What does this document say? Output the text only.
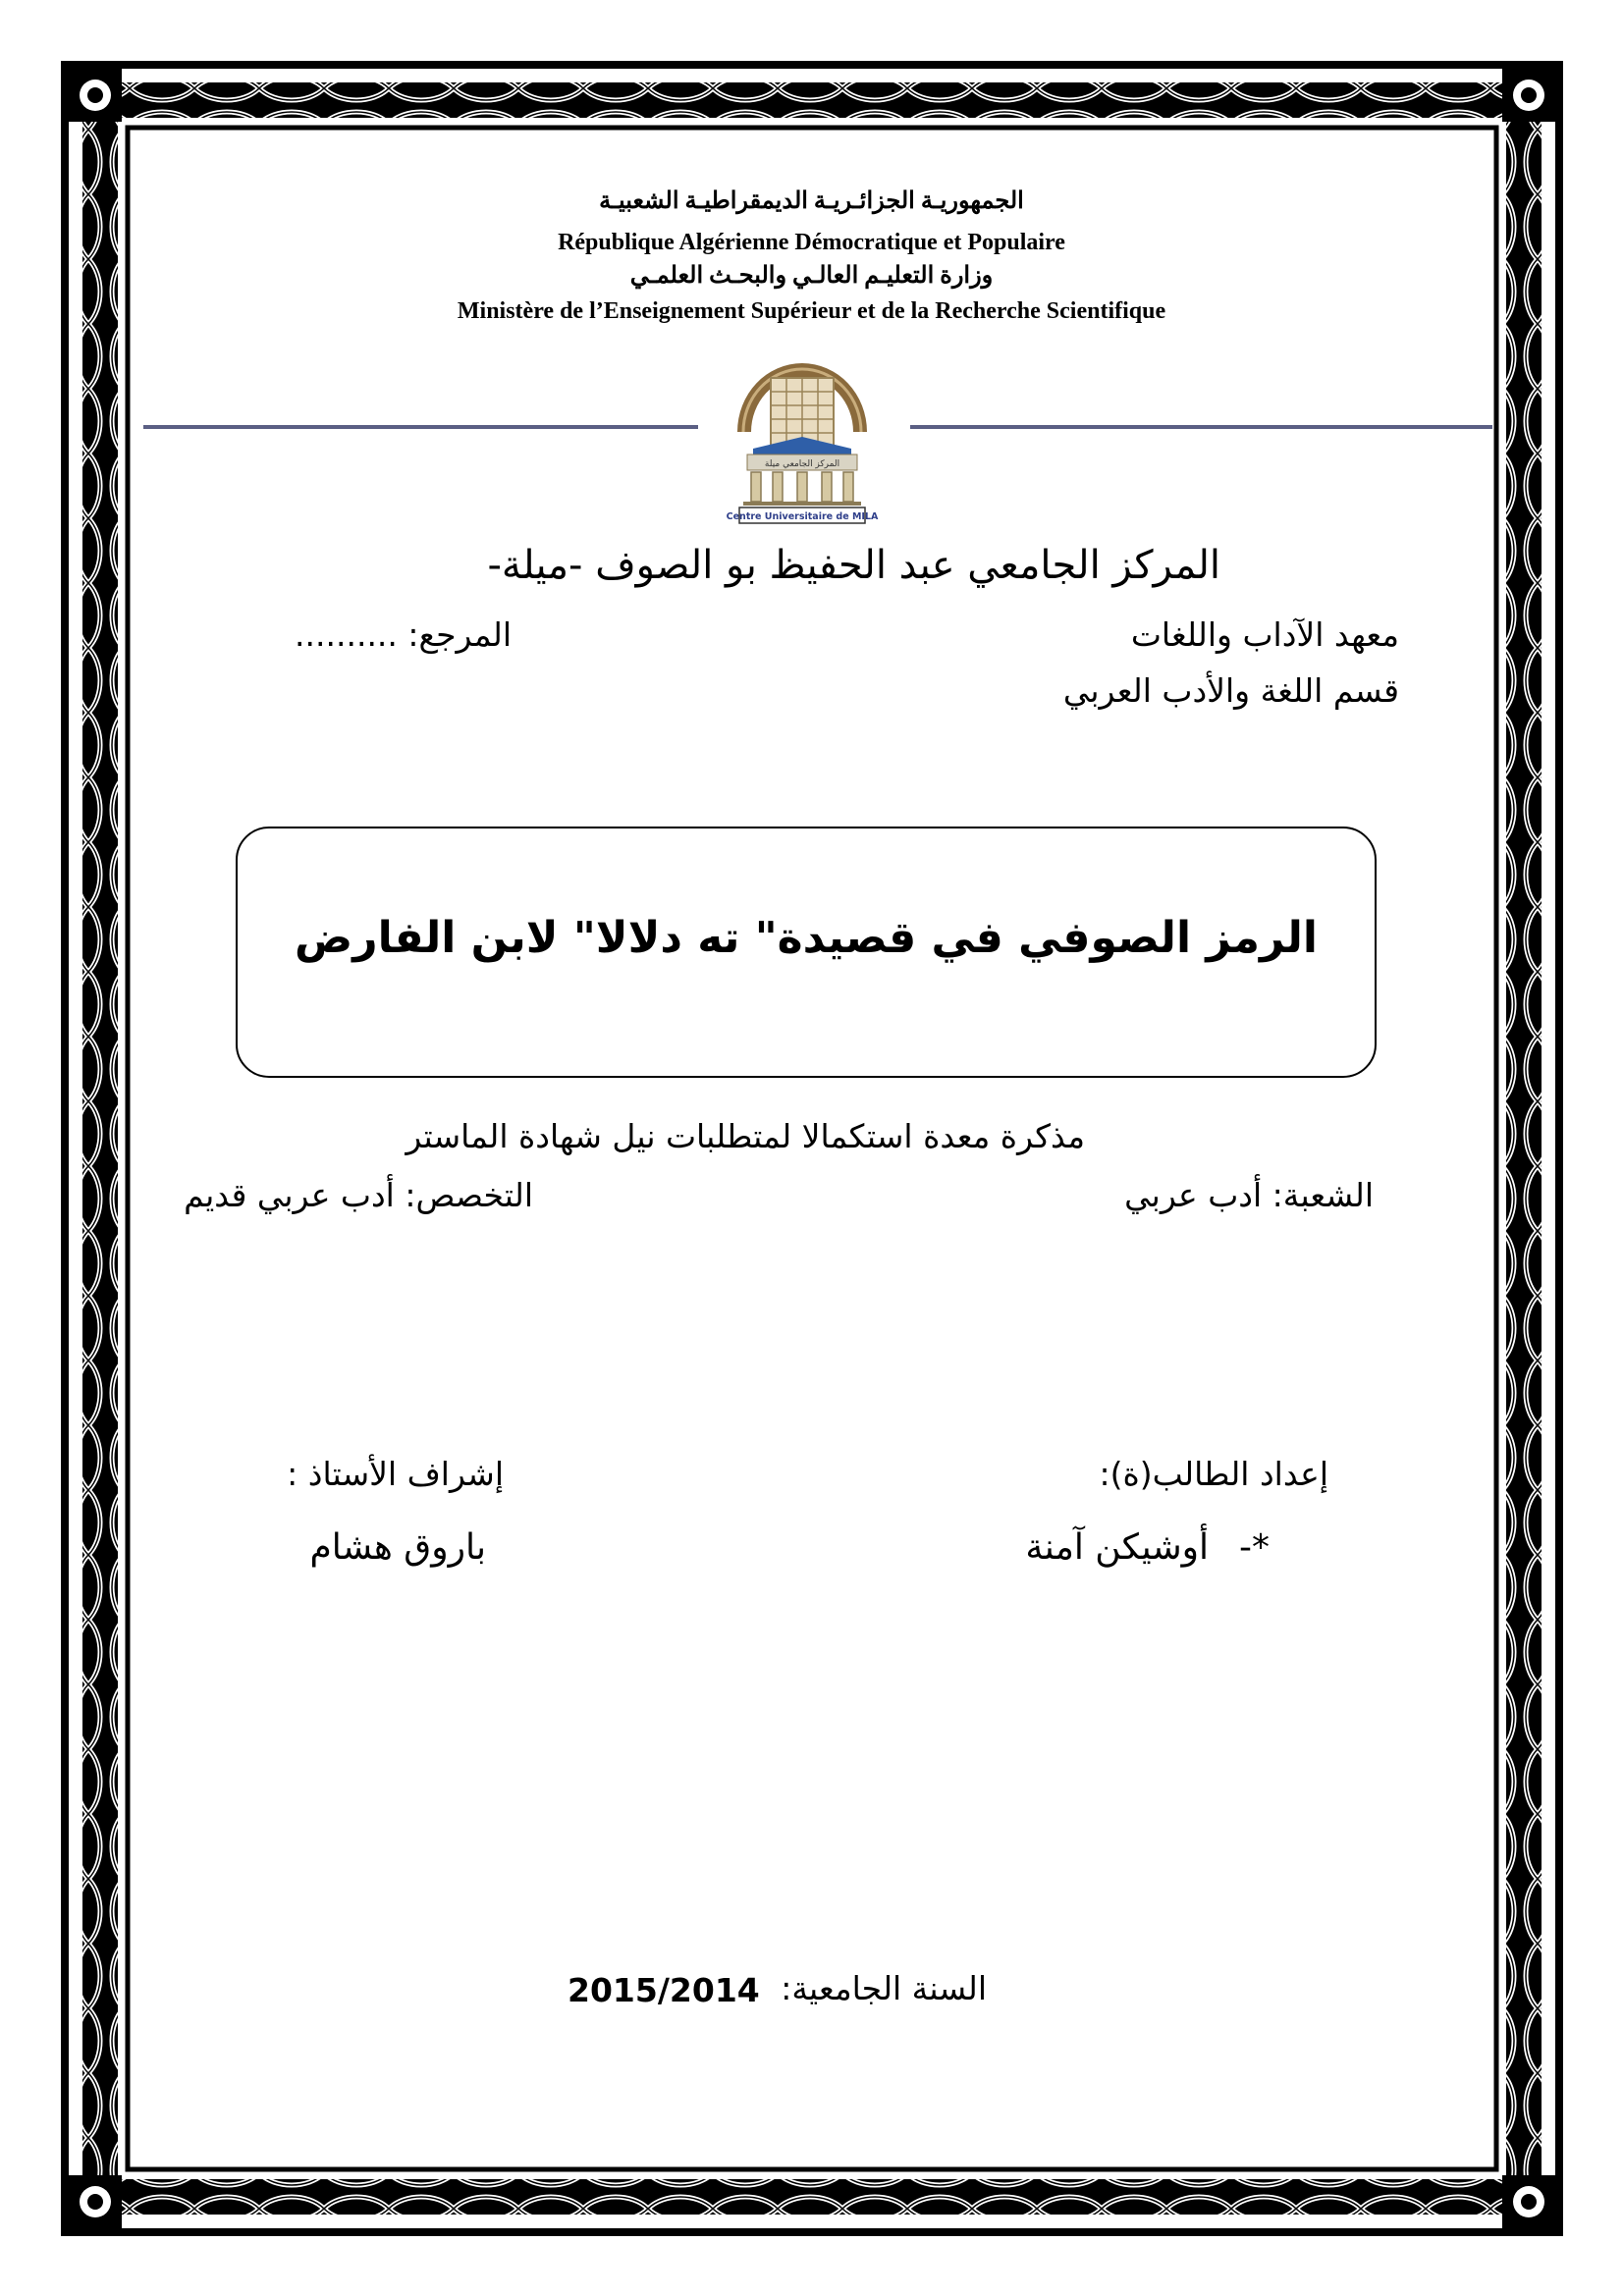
الجمهوريـة الجزائـريـة الديمقراطيـة الشعبيـة
République Algérienne Démocratique et Populaire
وزارة التعليـم العالـي والبحـث العلمـي
Ministère de l’Enseignement Supérieur et de la Recherche Scientifique
المركز الجامعي ميلة
Centre Universitaire de MILA
المركز الجامعي عبد الحفيظ بو الصوف -ميلة-
معهد الآداب واللغات
المرجع: ..........
قسم اللغة والأدب العربي
الرمز الصوفي في قصيدة" ته دلالا" لابن الفارض
مذكرة معدة استكمالا لمتطلبات نيل شهادة الماستر
الشعبة: أدب عربي
التخصص: أدب عربي قديم
إعداد الطالب(ة):
إشراف الأستاذ :
*-
أوشيكن آمنة
باروق هشام
السنة الجامعية:
2015/2014
